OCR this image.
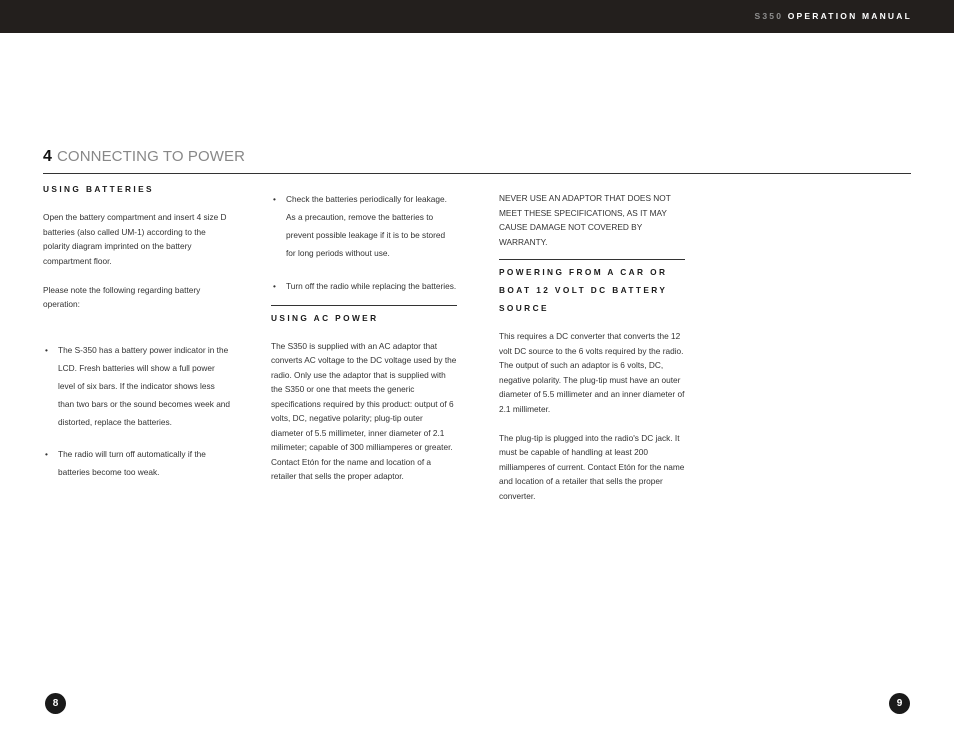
S350 OPERATION MANUAL
4 CONNECTING TO POWER
USING BATTERIES

Open the battery compartment and insert 4 size D batteries (also called UM-1) according to the polarity diagram imprinted on the battery compartment floor.

Please note the following regarding battery operation:

• The S-350 has a battery power indicator in the LCD. Fresh batteries will show a full power level of six bars. If the indicator shows less than two bars or the sound becomes week and distorted, replace the batteries.
• The radio will turn off automatically if the batteries become too weak.
• Check the batteries periodically for leakage. As a precaution, remove the batteries to prevent possible leakage if it is to be stored for long periods without use.
• Turn off the radio while replacing the batteries.
USING AC POWER

The S350 is supplied with an AC adaptor that converts AC voltage to the DC voltage used by the radio. Only use the adaptor that is supplied with the S350 or one that meets the generic specifications required by this product: output of 6 volts, DC, negative polarity; plug-tip outer diameter of 5.5 millimeter, inner diameter of 2.1 milimeter; capable of 300 milliamperes or greater. Contact Etón for the name and location of a retailer that sells the proper adaptor.

NEVER USE AN ADAPTOR THAT DOES NOT MEET THESE SPECIFICATIONS, AS IT MAY CAUSE DAMAGE NOT COVERED BY WARRANTY.

POWERING FROM A CAR OR BOAT 12 VOLT DC BATTERY SOURCE

This requires a DC converter that converts the 12 volt DC source to the 6 volts required by the radio. The output of such an adaptor is 6 volts, DC, negative polarity. The plug-tip must have an outer diameter of 5.5 millimeter and an inner diameter of 2.1 millimeter.

The plug-tip is plugged into the radio's DC jack. It must be capable of handling at least 200 milliamperes of current. Contact Etón for the name and location of a retailer that sells the proper converter.

8	9
